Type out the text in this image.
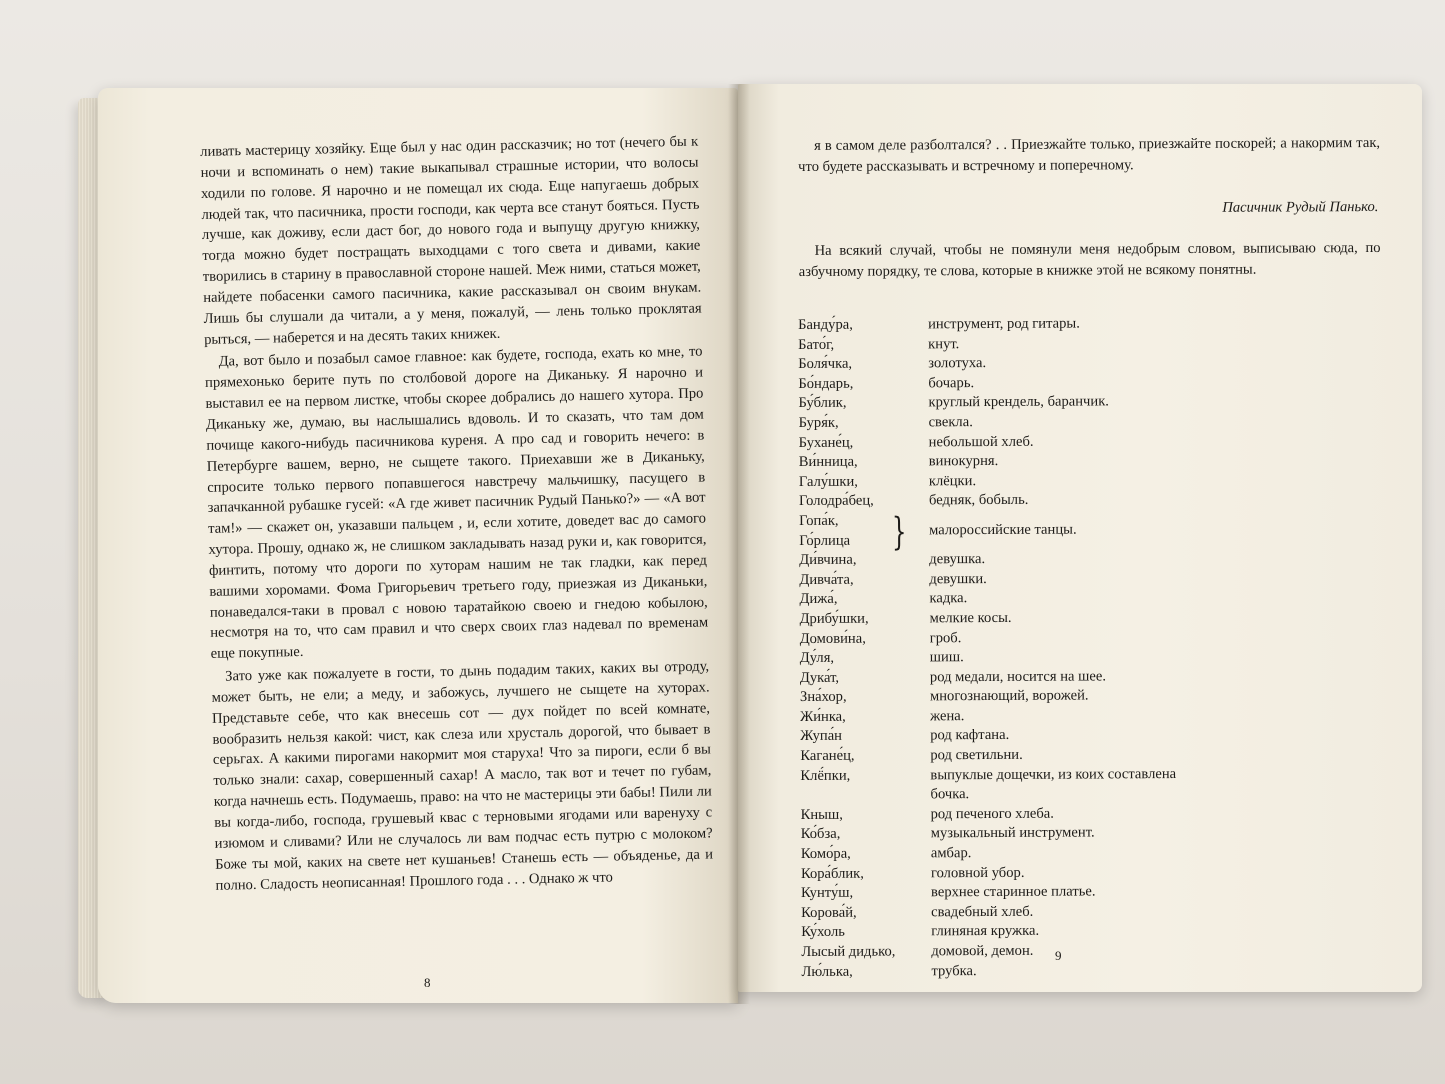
ливать мастерицу хозяйку. Еще был у нас один рассказчик; но тот (нечего бы к ночи и вспоминать о нем) такие выкапывал страшные истории, что волосы ходили по голове. Я нарочно и не помещал их сюда. Еще напугаешь добрых людей так, что пасичника, прости господи, как черта все станут бояться. Пусть лучше, как доживу, если даст бог, до нового года и выпущу другую книжку, тогда можно будет постращать выходцами с того света и дивами, какие творились в старину в православной стороне нашей. Меж ними, статься может, найдете побасенки самого пасичника, какие рассказывал он своим внукам. Лишь бы слушали да читали, а у меня, пожалуй, — лень только проклятая рыться, — наберется и на десять таких книжек.

Да, вот было и позабыл самое главное: как будете, господа, ехать ко мне, то прямехонько берите путь по столбовой дороге на Диканьку. Я нарочно и выставил ее на первом листке, чтобы скорее добрались до нашего хутора. Про Диканьку же, думаю, вы наслышались вдоволь. И то сказать, что там дом почище какого-нибудь пасичникова куреня. А про сад и говорить нечего: в Петербурге вашем, верно, не сыщете такого. Приехавши же в Диканьку, спросите только первого попавшегося навстречу мальчишку, пасущего в запачканной рубашке гусей: «А где живет пасичник Рудый Панько?» — «А вот там!» — скажет он, указавши пальцем , и, если хотите, доведет вас до самого хутора. Прошу, однако ж, не слишком закладывать назад руки и, как говорится, финтить, потому что дороги по хуторам нашим не так гладки, как перед вашими хоромами. Фома Григорьевич третьего году, приезжая из Диканьки, понаведался-таки в провал с новою таратайкою своею и гнедою кобылою, несмотря на то, что сам правил и что сверх своих глаз надевал по временам еще покупные.

Зато уже как пожалуете в гости, то дынь подадим таких, каких вы отроду, может быть, не ели; а меду, и забожусь, лучшего не сыщете на хуторах. Представьте себе, что как внесешь сот — дух пойдет по всей комнате, вообразить нельзя какой: чист, как слеза или хрусталь дорогой, что бывает в серьгах. А какими пирогами накормит моя старуха! Что за пироги, если б вы только знали: сахар, совершенный сахар! А масло, так вот и течет по губам, когда начнешь есть. Подумаешь, право: на что не мастерицы эти бабы! Пили ли вы когда-либо, господа, грушевый квас с терновыми ягодами или варенуху с изюмом и сливами? Или не случалось ли вам подчас есть путрю с молоком? Боже ты мой, каких на свете нет кушаньев! Станешь есть — объяденье, да и полно. Сладость неописанная! Прошлого года . . . Однако ж что

8

я в самом деле разболтался? . . Приезжайте только, приезжайте поскорей; а накормим так, что будете рассказывать и встречному и поперечному.

Пасичник Рудый Панько.

На всякий случай, чтобы не помянули меня недобрым словом, выписываю сюда, по азбучному порядку, те слова, которые в книжке этой не всякому понятны.

Банду́ра,	инструмент, род гитары.
Бато́г,	кнут.
Боля́чка,	золотуха.
Бо́ндарь,	бочарь.
Бу́блик,	круглый крендель, баранчик.
Буря́к,	свекла.
Бухане́ц,	небольшой хлеб.
Ви́нница,	винокурня.
Галу́шки,	клёцки.
Голодра́бец,	бедняк, бобыль.
Гопа́к,
Го́рлица	} малороссийские танцы.
Ди́вчина,	девушка.
Дивча́та,	девушки.
Дижа́,	кадка.
Дрибу́шки,	мелкие косы.
Домови́на,	гроб.
Ду́ля,	шиш.
Дука́т,	род медали, носится на шее.
Зна́хор,	многознающий, ворожей.
Жи́нка,	жена.
Жупа́н	род кафтана.
Кагане́ц,	род светильни.
Клё́пки,	выпуклые дощечки, из коих составлена бочка.
Кныш,	род печеного хлеба.
Ко́бза,	музыкальный инструмент.
Комо́ра,	амбар.
Кора́блик,	головной убор.
Кунту́ш,	верхнее старинное платье.
Корова́й,	свадебный хлеб.
Ку́холь	глиняная кружка.
Лысый дидько,	домовой, демон.
Лю́лька,	трубка.
9
